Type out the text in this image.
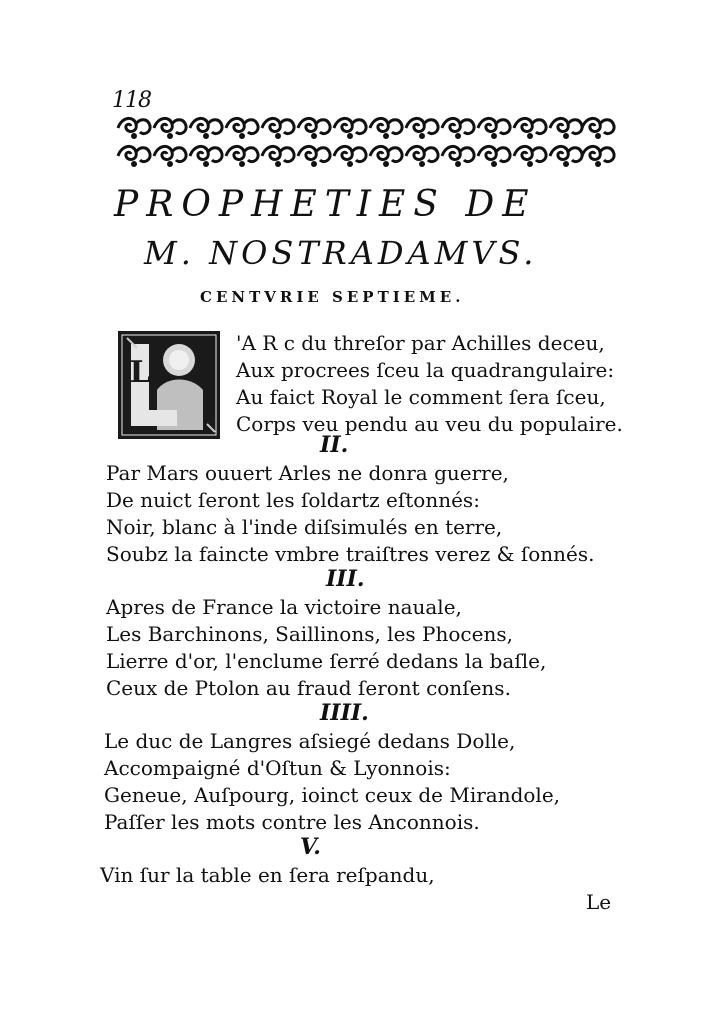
118
PROPHETIES DE
M. NOSTRADAMVS.
CENTVRIE SEPTIEME.
L
'A R c du threſor par Achilles deceu,
Aux procrees ſceu la quadrangulaire:
Au faict Royal le comment ſera ſceu,
Corps veu pendu au veu du populaire.
II.
Par Mars ouuert Arles ne donra guerre,
De nuict ſeront les ſoldartz eſtonnés:
Noir, blanc à l'inde diſsimulés en terre,
Soubz la faincte vmbre traiſtres verez & ſonnés.
III.
Apres de France la victoire nauale,
Les Barchinons, Saillinons, les Phocens,
Lierre d'or, l'enclume ſerré dedans la baſle,
Ceux de Ptolon au fraud ſeront conſens.
IIII.
Le duc de Langres aſsiegé dedans Dolle,
Accompaigné d'Oſtun & Lyonnois:
Geneue, Auſpourg, ioinct ceux de Mirandole,
Paſſer les mots contre les Anconnois.
V.
Vin ſur la table en ſera reſpandu,
Le
